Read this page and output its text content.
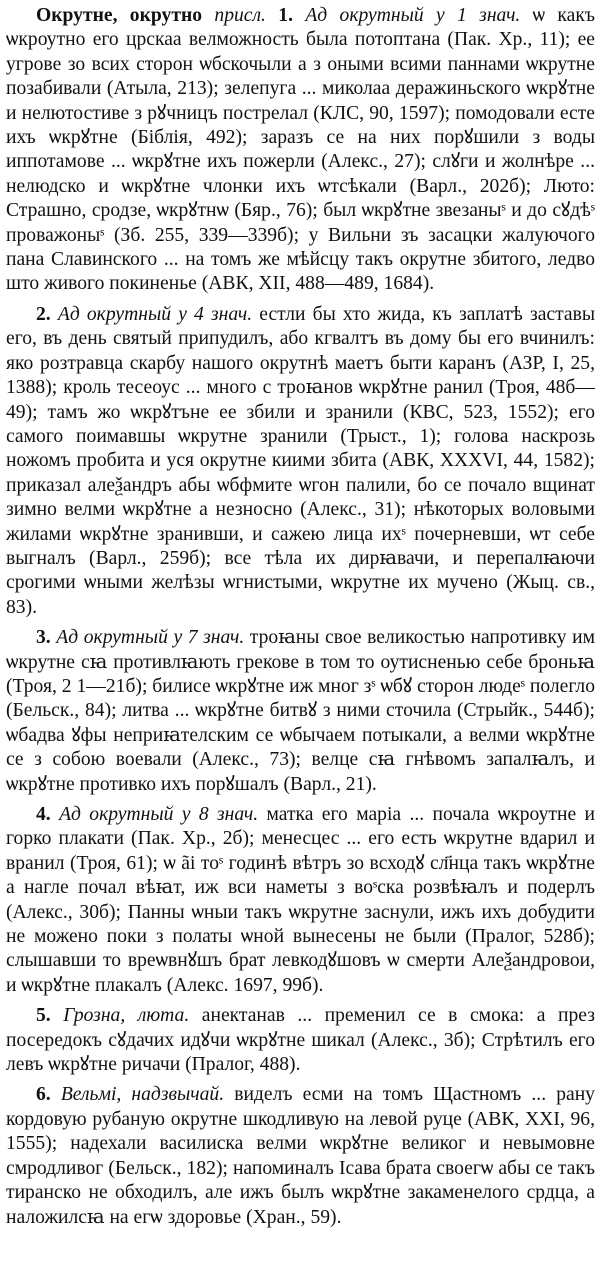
Окрутне, окрутно присл. 1. Ад окрутный у 1 знач. ѡ какъ ѡкроутно его црскаа велможность была потоптана (Пак. Хр., 11); ее угрове зо всих сторон ѡбскочыли а з оными всими паннами ѡкрутне позабивали (Атыла, 213); зелепуга ... миколаа деражиньского ѡкрꙋтне и нелютостиве з рꙋчницъ пострелал (КЛС, 90, 1597); помодовали есте ихъ ѡкрꙋтне (Біблія, 492); заразъ се на них порꙋшили з воды иппотамове ... ѡкрꙋтне ихъ пожерли (Алекс., 27); слꙋги и жолнѣре ... нелюдско и ѡкрꙋтне члонки ихъ ѡтсѣкали (Варл., 202б); Люто: Страшно, сродзе, ѡкрꙋтнѡ (Бяр., 76); был ѡкрꙋтне звезаныˢ и до сꙋдѣˢ проважоныˢ (Зб. 255, 339—339б); у Вильни зъ засацки жалуючого пана Славинского ... на томъ же мѣйсцу такъ окрутне збитого, ледво што живого покиненье (АВК, XII, 488—489, 1684).

2. Ад окрутный у 4 знач. естли бы хто жида, къ заплатѣ заставы его, въ день святый припудилъ, або кгвалтъ въ дому бы его вчинилъ: яко розтравца скарбу нашого окрутнѣ маетъ быти каранъ (АЗР, I, 25, 1388); кроль тесеоус ... много с троꙗнов ѡкрꙋтне ранил (Троя, 48б—49); тамъ жо ѡкрꙋтъне ее збили и зранили (КВС, 523, 1552); его самого поимавшы ѡкрутне зранили (Трыст., 1); голова наскрозь ножомъ пробита и уся окрутне киими збита (АВК, XXXVI, 44, 1582); приказал алеѯандръ абы ѡбфмите ѡгон палили, бо се почало вщинат зимно велми ѡкрꙋтне а незносно (Алекс., 31); нѣкоторых воловыми жилами ѡкрꙋтне зранивши, и сажею лица ихˢ почерневши, ѡт себе выгналъ (Варл., 259б); все тѣла их дирꙗвачи, и перепалꙗючи срогими ѡными желѣзы ѡгнистыми, ѡкрутне их мучено (Жыц. св., 83).

3. Ад окрутный у 7 знач. троꙗны свое великостью напротивку им ѡкрутне сꙗ противлꙗють грекове в том то оутисненью себе броньꙗ (Троя, 2 1—21б); билисе ѡкрꙋтне иж мног зˢ ѡбꙋ сторон людеˢ полегло (Бельск., 84); литва ... ѡкрꙋтне битвꙋ з ними сточила (Стрыйк., 544б); ѡбадва ꙋфы неприꙗтелским се ѡбычаем потыкали, а велми ѡкрꙋтне се з собою воевали (Алекс., 73); велце сꙗ гнѣвомъ запалꙗлъ, и ѡкрꙋтне противко ихъ порꙋшалъ (Варл., 21).

4. Ад окрутный у 8 знач. матка его маріа ... почала ѡкроутне и горко плакати (Пак. Хр., 2б); менесцес ... его есть ѡкрутне вдарил и вранил (Троя, 61); ѡ ãі тоˢ годинѣ вѣтръ зо всходꙋ сл҃нца такъ ѡкрꙋтне а нагле почал вѣꙗт, иж вси наметы з воˢска розвѣꙗлъ и подерлъ (Алекс., 30б); Панны ѡныи такъ ѡкрутне заснули, ижъ ихъ добудити не можено поки з полаты ѡной вынесены не были (Пралог, 528б); слышавши то вреѡвнꙋшъ брат левкодꙋшовъ ѡ смерти Алеѯандровои, и ѡкрꙋтне плакалъ (Алекс. 1697, 99б).

5. Грозна, люта. анектанав ... пременил се в смока: а през посередокъ сꙋдачих идꙋчи ѡкрꙋтне шикал (Алекс., 3б); Стрѣтилъ его левъ ѡкрꙋтне ричачи (Пралог, 488).

6. Вельмі, надзвычай. виделъ есми на томъ Щастномъ ... рану кордовую рубаную окрутне шкодливую на левой руце (АВК, XXI, 96, 1555); надехали василиска велми ѡкрꙋтне великог и невымовне смродливог (Бельск., 182); напоминалъ Ісава брата своегѡ абы се такъ тиранско не обходилъ, але ижъ былъ ѡкрꙋтне закаменелого срдца, а наложилсꙗ на егѡ здоровье (Хран., 59).
